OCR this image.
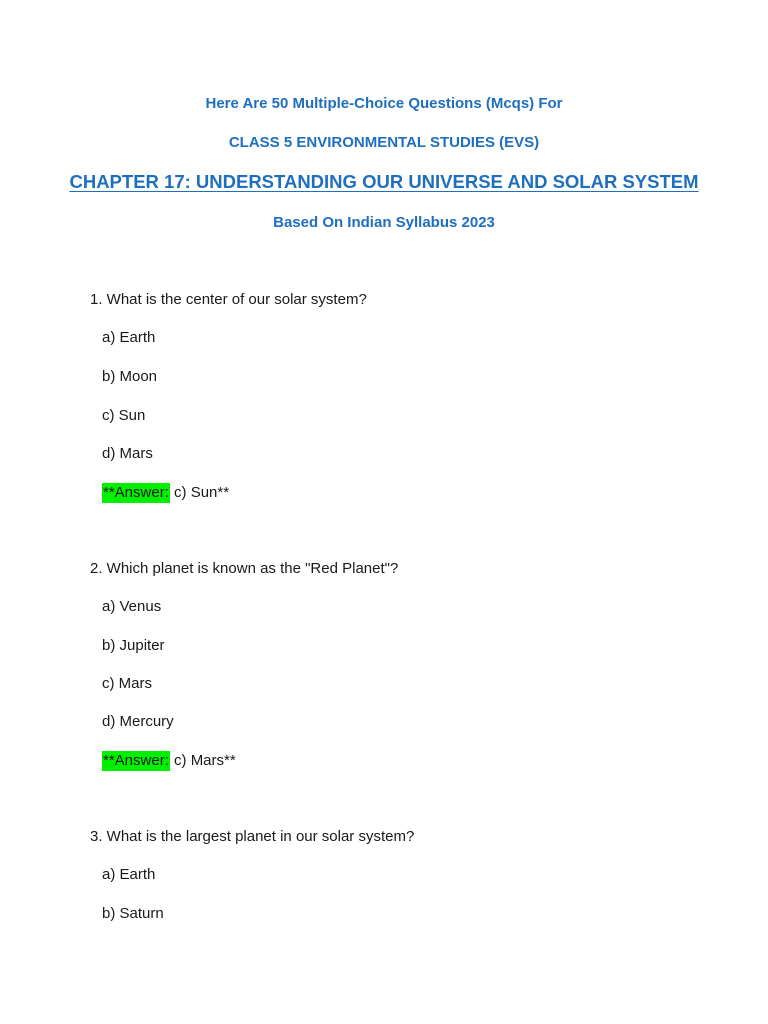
Here Are 50 Multiple-Choice Questions (Mcqs) For
CLASS 5 ENVIRONMENTAL STUDIES (EVS)
CHAPTER 17: UNDERSTANDING OUR UNIVERSE AND SOLAR SYSTEM
Based On Indian Syllabus 2023
1. What is the center of our solar system?
a) Earth
b) Moon
c) Sun
d) Mars
**Answer: c) Sun**
2. Which planet is known as the "Red Planet"?
a) Venus
b) Jupiter
c) Mars
d) Mercury
**Answer: c) Mars**
3. What is the largest planet in our solar system?
a) Earth
b) Saturn
